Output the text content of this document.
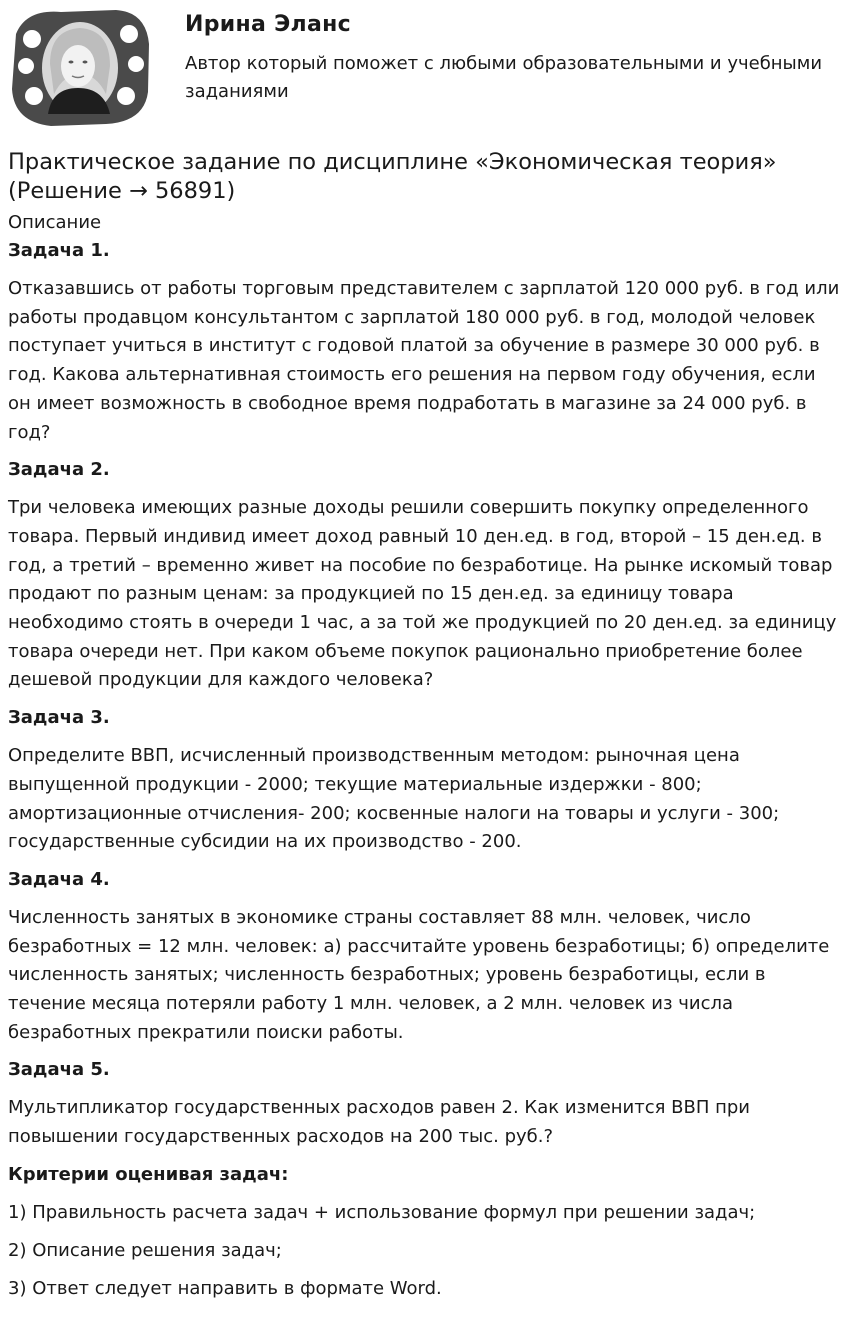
Ирина Эланс
Автор который поможет с любыми образовательными и учебными заданиями
Практическое задание по дисциплине «Экономическая теория» (Решение → 56891)
Описание
Задача 1.
Отказавшись от работы торговым представителем с зарплатой 120 000 руб. в год или работы продавцом консультантом с зарплатой 180 000 руб. в год, молодой человек поступает учиться в институт с годовой платой за обучение в размере 30 000 руб. в год. Какова альтернативная стоимость его решения на первом году обучения, если он имеет возможность в свободное время подработать в магазине за 24 000 руб. в год?
Задача 2.
Три человека имеющих разные доходы решили совершить покупку определенного товара. Первый индивид имеет доход равный 10 ден.ед. в год, второй – 15 ден.ед. в год, а третий – временно живет на пособие по безработице. На рынке искомый товар продают по разным ценам: за продукцией по 15 ден.ед. за единицу товара необходимо стоять в очереди 1 час, а за той же продукцией по 20 ден.ед. за единицу товара очереди нет. При каком объеме покупок рационально приобретение более дешевой продукции для каждого человека?
Задача 3.
Определите ВВП, исчисленный производственным методом: рыночная цена выпущенной продукции - 2000; текущие материальные издержки - 800; амортизационные отчисления- 200; косвенные налоги на товары и услуги - 300; государственные субсидии на их производство - 200.
Задача 4.
Численность занятых в экономике страны составляет 88 млн. человек, число безработных = 12 млн. человек: а) рассчитайте уровень безработицы; б) определите численность занятых; численность безработных; уровень безработицы, если в течение месяца потеряли работу 1 млн. человек, а 2 млн. человек из числа безработных прекратили поиски работы.
Задача 5.
Мультипликатор государственных расходов равен 2. Как изменится ВВП при повышении государственных расходов на 200 тыс. руб.?
Критерии оценивая задач:
1) Правильность расчета задач + использование формул при решении задач;
2) Описание решения задач;
3) Ответ следует направить в формате Word.
